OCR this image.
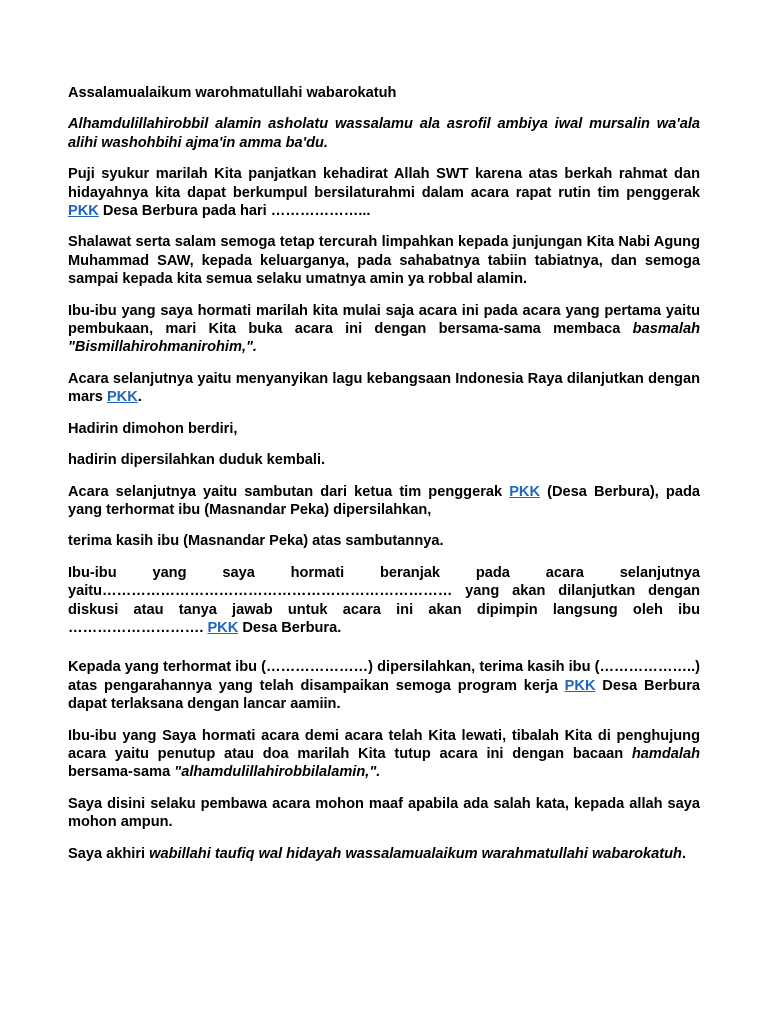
Assalamualaikum warohmatullahi wabarokatuh

Alhamdulillahirobbil alamin asholatu wassalamu ala asrofil ambiya iwal mursalin wa'ala alihi washohbihi ajma'in amma ba'du.

Puji syukur marilah Kita panjatkan kehadirat Allah SWT karena atas berkah rahmat dan hidayahnya kita dapat berkumpul bersilaturahmi dalam acara rapat rutin tim penggerak PKK Desa Berbura pada hari ………………...

Shalawat serta salam semoga tetap tercurah limpahkan kepada junjungan Kita Nabi Agung Muhammad SAW, kepada keluarganya, pada sahabatnya tabiin tabiatnya, dan semoga sampai kepada kita semua selaku umatnya amin ya robbal alamin.

Ibu-ibu yang saya hormati marilah kita mulai saja acara ini pada acara yang pertama yaitu pembukaan, mari Kita buka acara ini dengan bersama-sama membaca basmalah "Bismillahirohmanirohim,".

Acara selanjutnya yaitu menyanyikan lagu kebangsaan Indonesia Raya dilanjutkan dengan mars PKK.

Hadirin dimohon berdiri,

hadirin dipersilahkan duduk kembali.

Acara selanjutnya yaitu sambutan dari ketua tim penggerak PKK (Desa Berbura), pada yang terhormat ibu (Masnandar Peka) dipersilahkan,

terima kasih ibu (Masnandar Peka) atas sambutannya.

Ibu-ibu yang saya hormati beranjak pada acara selanjutnya yaitu……………………………………………………………… yang akan dilanjutkan dengan diskusi atau tanya jawab untuk acara ini akan dipimpin langsung oleh ibu ………………………. PKK Desa Berbura.

Kepada yang terhormat ibu (…………………) dipersilahkan, terima kasih ibu (………………..) atas pengarahannya yang telah disampaikan semoga program kerja PKK Desa Berbura dapat terlaksana dengan lancar aamiin.

Ibu-ibu yang Saya hormati acara demi acara telah Kita lewati, tibalah Kita di penghujung acara yaitu penutup atau doa marilah Kita tutup acara ini dengan bacaan hamdalah bersama-sama "alhamdulillahirobbilalamin,".

Saya disini selaku pembawa acara mohon maaf apabila ada salah kata, kepada allah saya mohon ampun.

Saya akhiri wabillahi taufiq wal hidayah wassalamualaikum warahmatullahi wabarokatuh.
